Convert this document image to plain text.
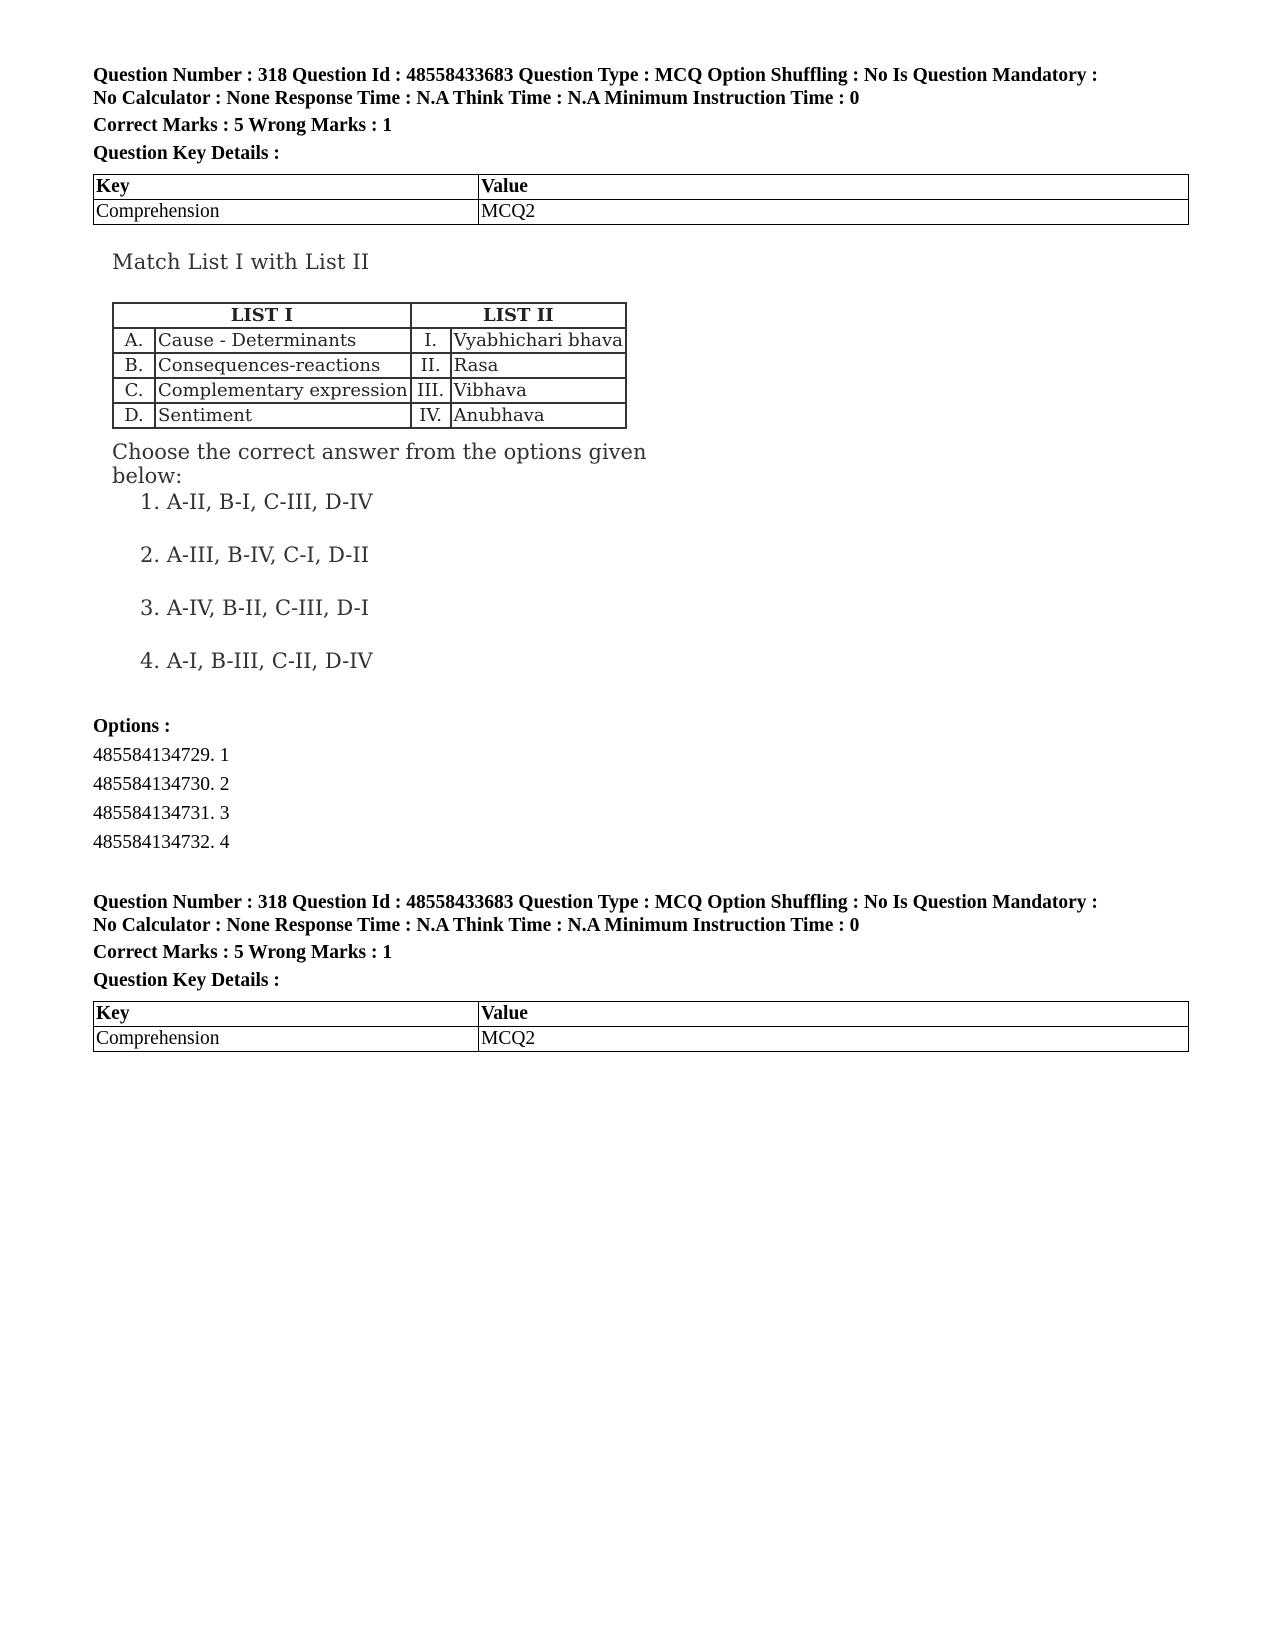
Question Number : 318 Question Id : 48558433683 Question Type : MCQ Option Shuffling : No Is Question Mandatory :
No Calculator : None Response Time : N.A Think Time : N.A Minimum Instruction Time : 0
Correct Marks : 5 Wrong Marks : 1
Question Key Details :
Key	Value
Comprehension	MCQ2
Match List I with List II
LIST I		LIST II	
A.	Cause - Determinants	I.	Vyabhichari bhava
B.	Consequences-reactions	II.	Rasa
C.	Complementary expression	III.	Vibhava
D.	Sentiment	IV.	Anubhava
Choose the correct answer from the options given below:
1. A-II, B-I, C-III, D-IV
2. A-III, B-IV, C-I, D-II
3. A-IV, B-II, C-III, D-I
4. A-I, B-III, C-II, D-IV
Options :
485584134729. 1
485584134730. 2
485584134731. 3
485584134732. 4
Question Number : 318 Question Id : 48558433683 Question Type : MCQ Option Shuffling : No Is Question Mandatory :
No Calculator : None Response Time : N.A Think Time : N.A Minimum Instruction Time : 0
Correct Marks : 5 Wrong Marks : 1
Question Key Details :
Key	Value
Comprehension	MCQ2
